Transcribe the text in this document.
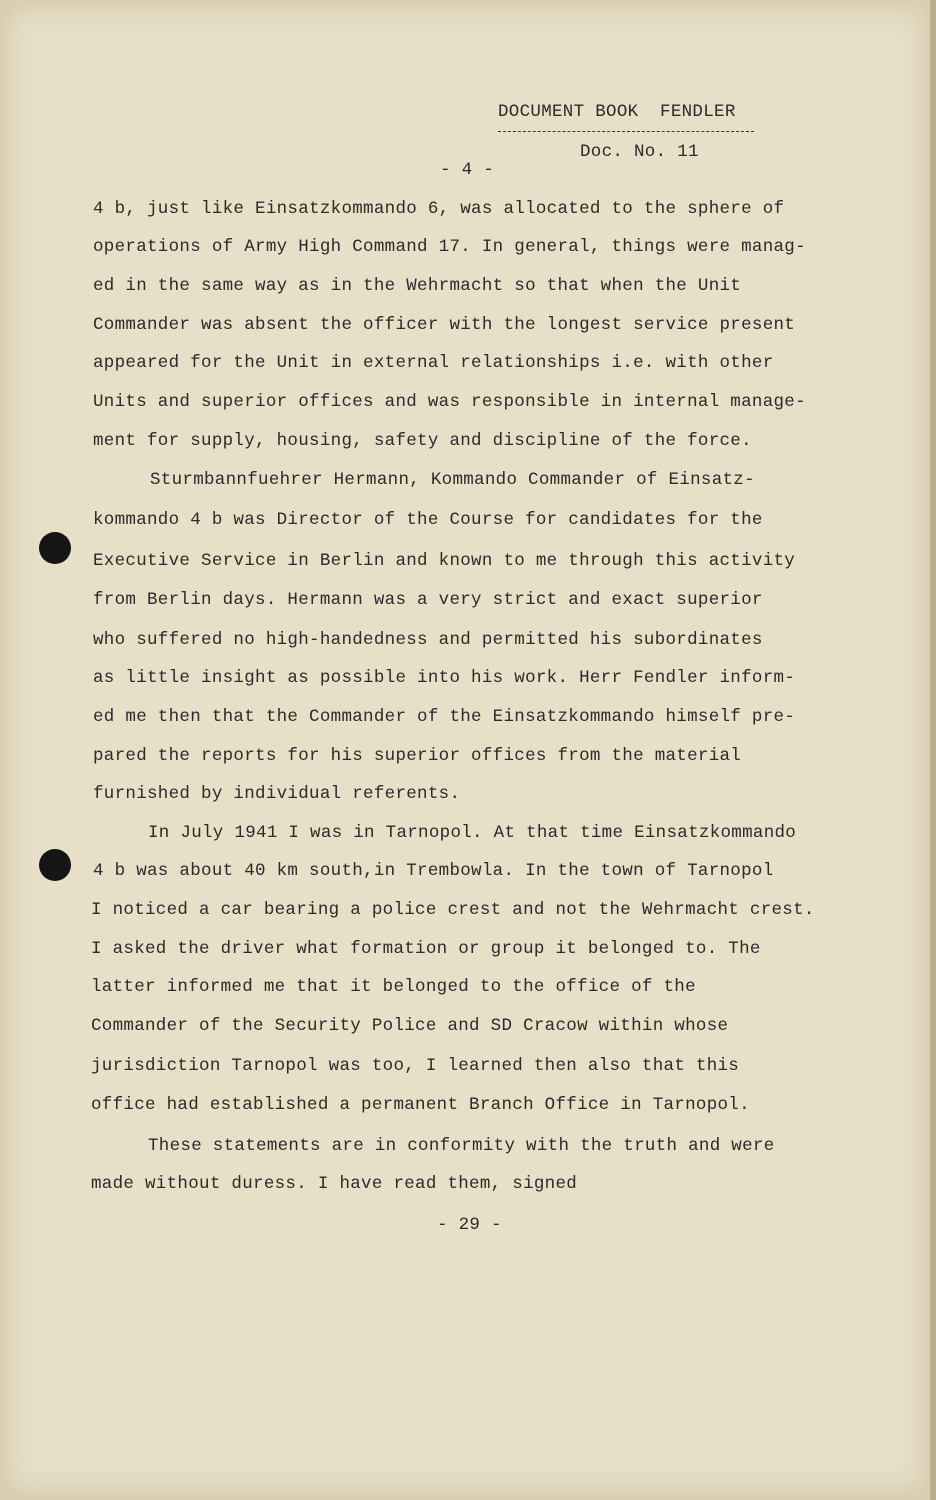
DOCUMENT BOOK  FENDLER
Doc. No. 11
- 4 -
4 b, just like Einsatzkommando 6, was allocated to the sphere of
operations of Army High Command 17. In general, things were manag-
ed in the same way as in the Wehrmacht so that when the Unit
Commander was absent the officer with the longest service present
appeared for the Unit in external relationships i.e. with other
Units and superior offices and was responsible in internal manage-
ment for supply, housing, safety and discipline of the force.
Sturmbannfuehrer Hermann, Kommando Commander of Einsatz-
kommando 4 b was Director of the Course for candidates for the
Executive Service in Berlin and known to me through this activity
from Berlin days. Hermann was a very strict and exact superior
who suffered no high-handedness and permitted his subordinates
as little insight as possible into his work. Herr Fendler inform-
ed me then that the Commander of the Einsatzkommando himself pre-
pared the reports for his superior offices from the material
furnished by individual referents.
In July 1941 I was in Tarnopol. At that time Einsatzkommando
4 b was about 40 km south,in Trembowla. In the town of Tarnopol
I noticed a car bearing a police crest and not the Wehrmacht crest.
I asked the driver what formation or group it belonged to. The
latter informed me that it belonged to the office of the
Commander of the Security Police and SD Cracow within whose
jurisdiction Tarnopol was too, I learned then also that this
office had established a permanent Branch Office in Tarnopol.
These statements are in conformity with the truth and were
made without duress. I have read them, signed
- 29 -
